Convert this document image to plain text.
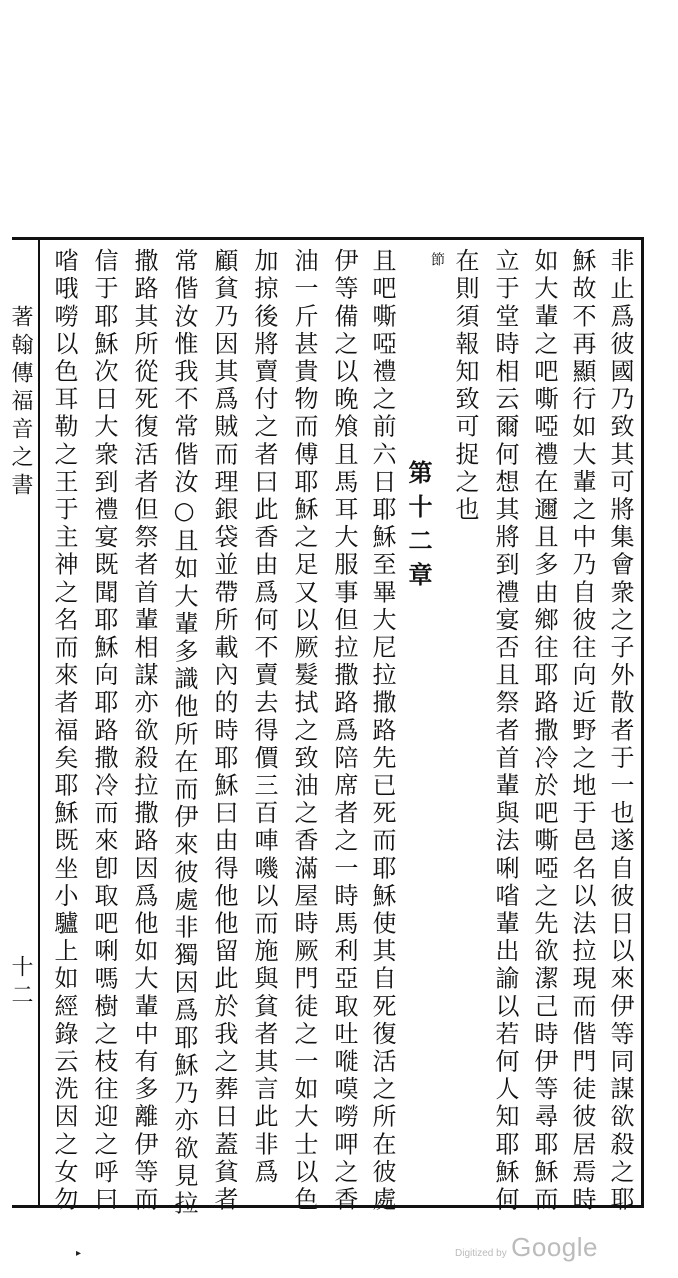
著翰傳福音之書
十二	非止爲彼國乃致其可將集會衆之子外散者于一也遂自彼日以來伊等同謀欲殺之耶
穌故不再顯行如大輩之中乃自彼往向近野之地于邑名以法拉現而偕門徒彼居焉時
如大輩之吧嘶啞禮在邇且多由鄉往耶路撒冷於吧嘶啞之先欲潔己時伊等尋耶穌而
立于堂時相云爾何想其將到禮宴否且祭者首輩與法唎㗂輩出諭以若何人知耶穌何
在則須報知致可捉之也
節
第十二章
且吧嘶啞禮之前六日耶穌至畢大尼拉撒路先已死而耶穌使其自死復活之所在彼處
伊等備之以晚飧且馬耳大服事但拉撒路爲陪席者之一時馬利亞取吐嘥嗼嘮呷之香
油一斤甚貴物而傅耶穌之足又以厥髮拭之致油之香滿屋時厥門徒之一如大士以色
加掠後將賣付之者曰此香由爲何不賣去得價三百唓嘰以而施與貧者其言此非爲
顧貧乃因其爲賊而理銀袋並帶所載內的時耶穌曰由得他他留此於我之葬日蓋貧者
常偕汝惟我不常偕汝○且如大輩多識他所在而伊來彼處非獨因爲耶穌乃亦欲見拉
撒路其所從死復活者但祭者首輩相謀亦欲殺拉撒路因爲他如大輩中有多離伊等而
信于耶穌次日大衆到禮宴既聞耶穌向耶路撒冷而來卽取吧唎嗎樹之枝往迎之呼曰
㗂哦嘮以色耳勒之王于主神之名而來者福矣耶穌既坐小驢上如經錄云洗因之女勿
▸	Digitized by Google
